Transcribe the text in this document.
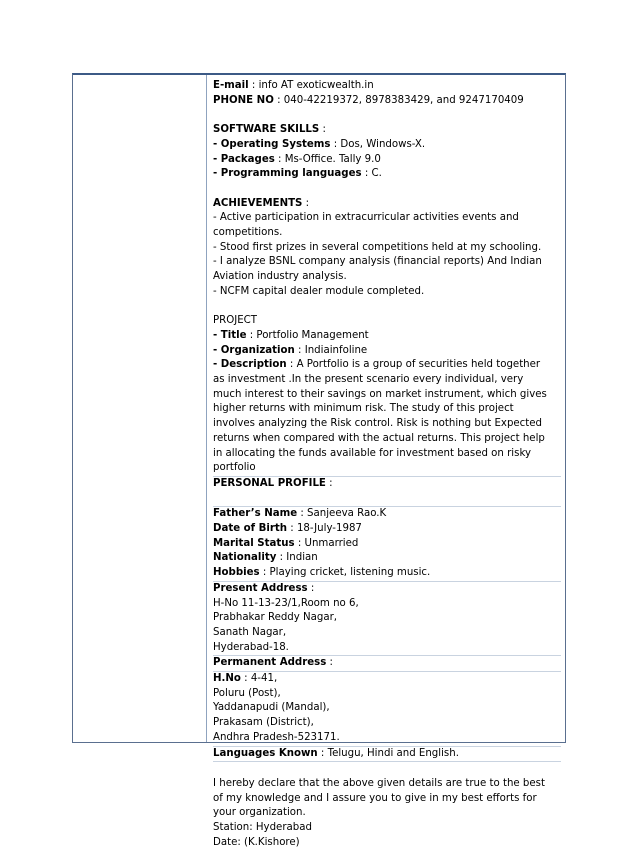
E-mail : info AT exoticwealth.in
PHONE NO : 040-42219372, 8978383429, and 9247170409
SOFTWARE SKILLS :
- Operating Systems : Dos, Windows-X.
- Packages : Ms-Office. Tally 9.0
- Programming languages : C.
ACHIEVEMENTS :
- Active participation in extracurricular activities events and
competitions.
- Stood first prizes in several competitions held at my schooling.
- I analyze BSNL company analysis (financial reports) And Indian
Aviation industry analysis.
- NCFM capital dealer module completed.
PROJECT
- Title : Portfolio Management
- Organization : Indiainfoline
- Description : A Portfolio is a group of securities held together
as investment .In the present scenario every individual, very
much interest to their savings on market instrument, which gives
higher returns with minimum risk. The study of this project
involves analyzing the Risk control. Risk is nothing but Expected
returns when compared with the actual returns. This project help
in allocating the funds available for investment based on risky
portfolio
PERSONAL PROFILE :
Father’s Name : Sanjeeva Rao.K
Date of Birth : 18-July-1987
Marital Status : Unmarried
Nationality : Indian
Hobbies : Playing cricket, listening music.
Present Address :
H-No 11-13-23/1,Room no 6,
Prabhakar Reddy Nagar,
Sanath Nagar,
Hyderabad-18.
Permanent Address :
H.No : 4-41,
Poluru (Post),
Yaddanapudi (Mandal),
Prakasam (District),
Andhra Pradesh-523171.
Languages Known : Telugu, Hindi and English.
I hereby declare that the above given details are true to the best
of my knowledge and I assure you to give in my best efforts for
your organization.
Station: Hyderabad
Date: (K.Kishore)
